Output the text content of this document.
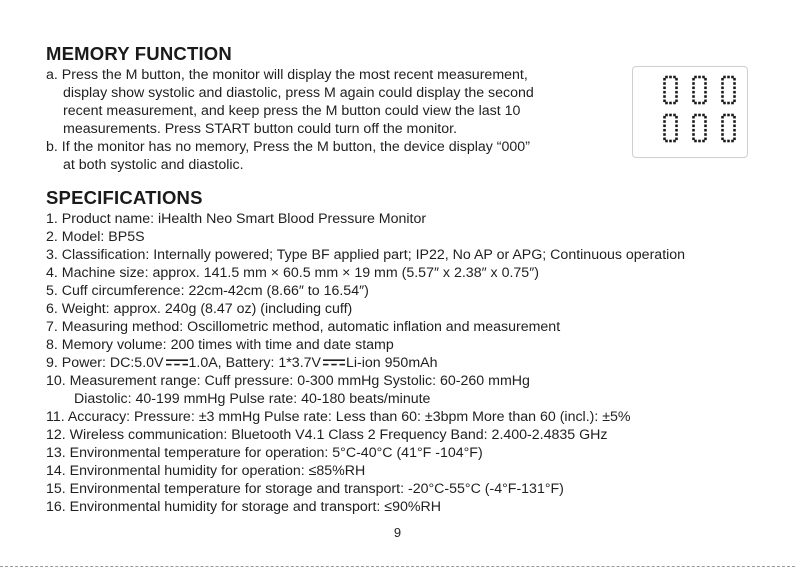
MEMORY FUNCTION
a. Press the M button, the monitor will display the most recent measurement,
display show systolic and diastolic, press M again could display the second
recent measurement, and keep press the M button could view the last 10
measurements. Press START button could turn off the monitor.
b. If the monitor has no memory, Press the M button, the device display “000”
at both systolic and diastolic.
SPECIFICATIONS
1. Product name: iHealth Neo Smart Blood Pressure Monitor
2. Model: BP5S
3. Classification: Internally powered; Type BF applied part; IP22, No AP or APG; Continuous operation
4. Machine size: approx. 141.5 mm × 60.5 mm × 19 mm (5.57″ x 2.38″ x 0.75″)
5. Cuff circumference: 22cm-42cm (8.66″ to 16.54″)
6. Weight: approx. 240g (8.47 oz) (including cuff)
7. Measuring method: Oscillometric method, automatic inflation and measurement
8. Memory volume: 200 times with time and date stamp
9. Power: DC:5.0V 1.0A, Battery: 1*3.7V Li-ion 950mAh
10. Measurement range: Cuff pressure: 0-300 mmHg Systolic: 60-260 mmHg
Diastolic: 40-199 mmHg Pulse rate: 40-180 beats/minute
11. Accuracy: Pressure: ±3 mmHg Pulse rate: Less than 60: ±3bpm More than 60 (incl.): ±5%
12. Wireless communication: Bluetooth V4.1 Class 2 Frequency Band: 2.400-2.4835 GHz
13. Environmental temperature for operation: 5°C-40°C (41°F -104°F)
14. Environmental humidity for operation: ≤85%RH
15. Environmental temperature for storage and transport: -20°C-55°C (-4°F-131°F)
16. Environmental humidity for storage and transport: ≤90%RH
9
